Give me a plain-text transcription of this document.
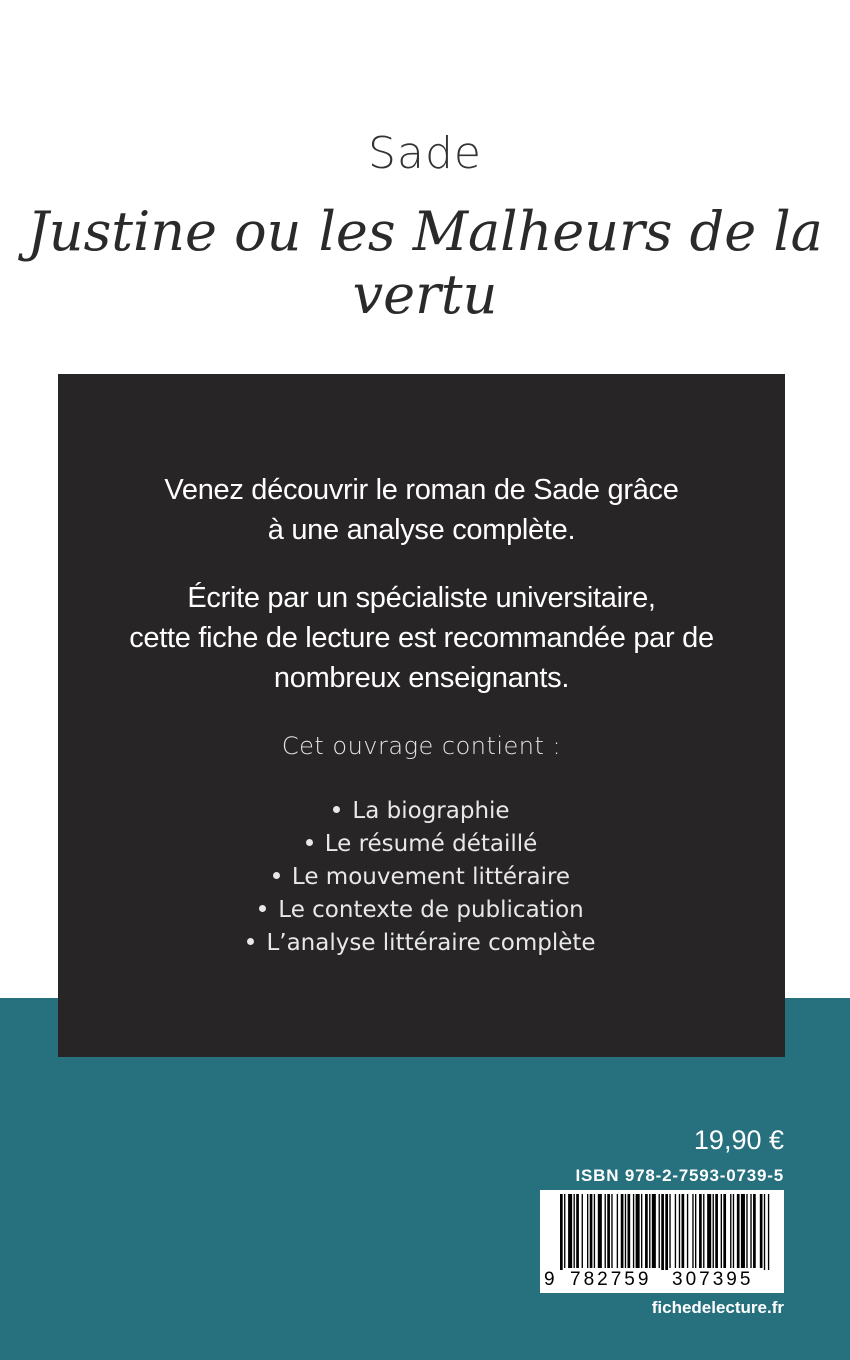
Sade
Justine ou les Malheurs de la vertu
Venez découvrir le roman de Sade grâce
à une analyse complète.
Écrite par un spécialiste universitaire,
cette fiche de lecture est recommandée par de
nombreux enseignants.
Cet ouvrage contient :
La biographie
Le résumé détaillé
Le mouvement littéraire
Le contexte de publication
L’analyse littéraire complète
19,90 €
ISBN 978-2-7593-0739-5
9 782759 307395
fichedelecture.fr
